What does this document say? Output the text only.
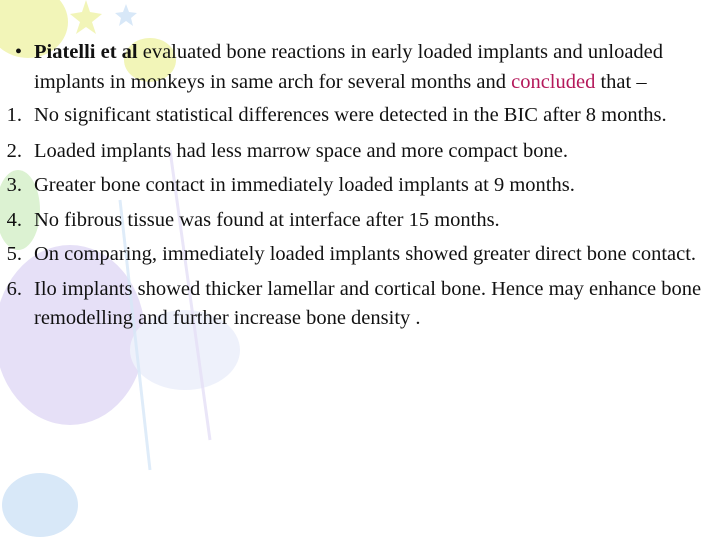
• Piatelli et al evaluated bone reactions in early loaded implants and unloaded implants in monkeys in same arch for several months and concluded that –
1. No significant statistical differences were detected in the BIC after 8 months.
2. Loaded implants had less marrow space and more compact bone.
3. Greater bone contact in immediately loaded implants at 9 months.
4. No fibrous tissue was found at interface after 15 months.
5. On comparing, immediately loaded implants showed greater direct bone contact.
6. Ilo implants showed thicker lamellar and cortical bone. Hence may enhance bone remodelling and further increase bone density .
